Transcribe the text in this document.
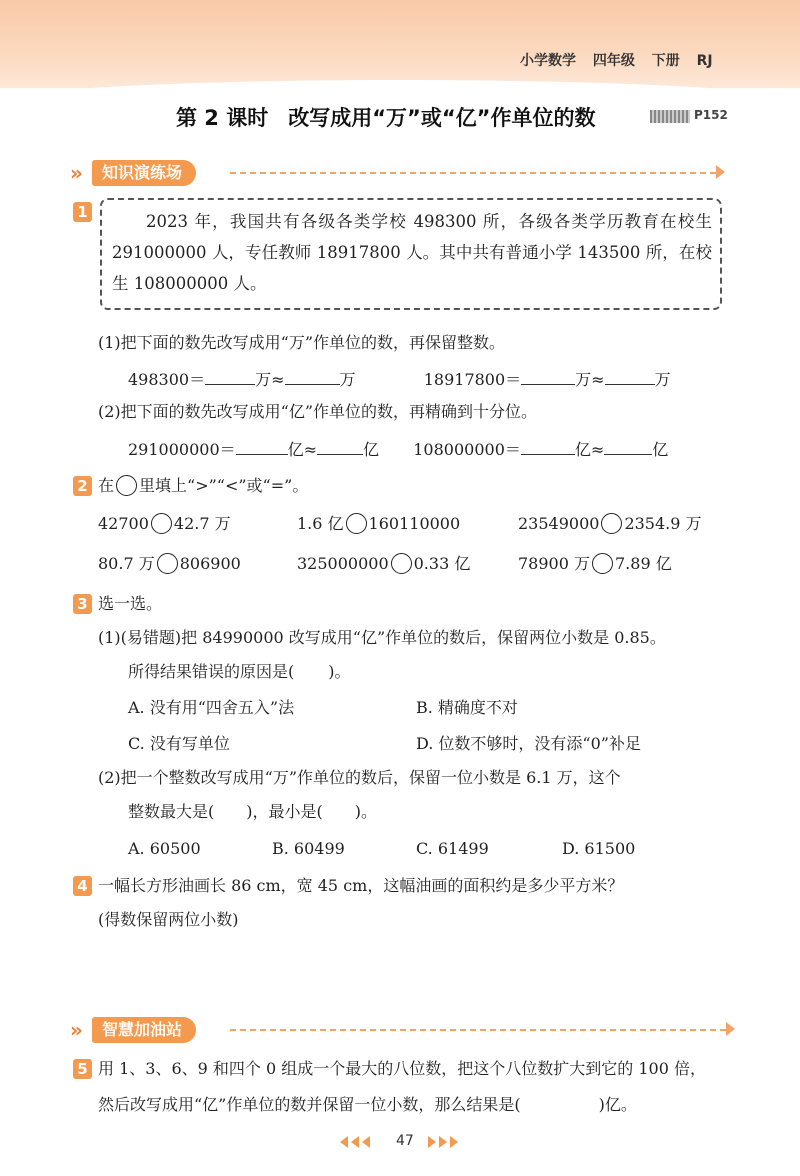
小学数学 四年级 下册 RJ
第 2 课时 改写成用“万”或“亿”作单位的数	P152
»	知识演练场
1	2023 年，我国共有各级各类学校 498300 所，各级各类学历教育在校生 291000000 人，专任教师 18917800 人。其中共有普通小学 143500 所，在校生 108000000 人。
(1)把下面的数先改写成用“万”作单位的数，再保留整数。
498300＝	万≈	万	18917800＝	万≈	万
(2)把下面的数先改写成用“亿”作单位的数，再精确到十分位。
291000000＝	亿≈	亿 108000000＝	亿≈	亿
2 在 里填上“>”“<”或“=”。
42700 42.7 万	1.6 亿 160110000	23549000 2354.9 万
80.7 万 806900	325000000 0.33 亿	78900 万 7.89 亿
3 选一选。
(1)(易错题)把 84990000 改写成用“亿”作单位的数后，保留两位小数是 0.85。
所得结果错误的原因是( )。
A. 没有用“四舍五入”法	B. 精确度不对
C. 没有写单位	D. 位数不够时，没有添“0”补足
(2)把一个整数改写成用“万”作单位的数后，保留一位小数是 6.1 万，这个
整数最大是( )，最小是( )。
A. 60500	B. 60499	C. 61499	D. 61500
4 一幅长方形油画长 86 cm，宽 45 cm，这幅油画的面积约是多少平方米？
(得数保留两位小数)
»	智慧加油站
5 用 1、3、6、9 和四个 0 组成一个最大的八位数，把这个八位数扩大到它的 100 倍，
然后改写成用“亿”作单位的数并保留一位小数，那么结果是(	)亿。
47
